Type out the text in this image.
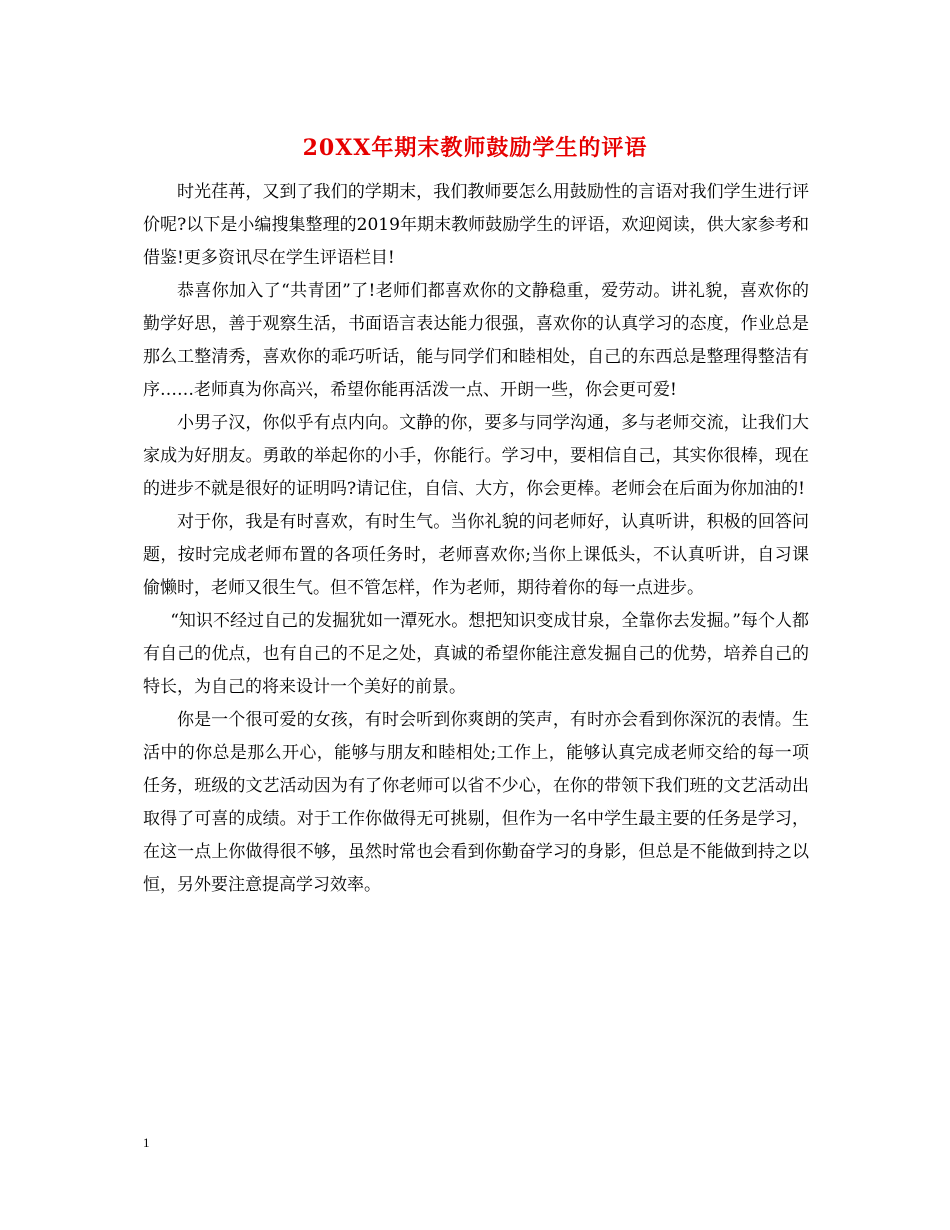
20XX年期末教师鼓励学生的评语

时光荏苒，又到了我们的学期末，我们教师要怎么用鼓励性的言语对我们学生进行评价呢?以下是小编搜集整理的2019年期末教师鼓励学生的评语，欢迎阅读，供大家参考和借鉴!更多资讯尽在学生评语栏目!

恭喜你加入了“共青团”了!老师们都喜欢你的文静稳重，爱劳动。讲礼貌，喜欢你的勤学好思，善于观察生活，书面语言表达能力很强，喜欢你的认真学习的态度，作业总是那么工整清秀，喜欢你的乖巧听话，能与同学们和睦相处，自己的东西总是整理得整洁有序……老师真为你高兴，希望你能再活泼一点、开朗一些，你会更可爱!

小男子汉，你似乎有点内向。文静的你，要多与同学沟通，多与老师交流，让我们大家成为好朋友。勇敢的举起你的小手，你能行。学习中，要相信自己，其实你很棒，现在的进步不就是很好的证明吗?请记住，自信、大方，你会更棒。老师会在后面为你加油的!

对于你，我是有时喜欢，有时生气。当你礼貌的问老师好，认真听讲，积极的回答问题，按时完成老师布置的各项任务时，老师喜欢你;当你上课低头，不认真听讲，自习课偷懒时，老师又很生气。但不管怎样，作为老师，期待着你的每一点进步。

“知识不经过自己的发掘犹如一潭死水。想把知识变成甘泉，全靠你去发掘。”每个人都有自己的优点，也有自己的不足之处，真诚的希望你能注意发掘自己的优势，培养自己的特长，为自己的将来设计一个美好的前景。

你是一个很可爱的女孩，有时会听到你爽朗的笑声，有时亦会看到你深沉的表情。生活中的你总是那么开心，能够与朋友和睦相处;工作上，能够认真完成老师交给的每一项任务，班级的文艺活动因为有了你老师可以省不少心，在你的带领下我们班的文艺活动出取得了可喜的成绩。对于工作你做得无可挑剔，但作为一名中学生最主要的任务是学习，在这一点上你做得很不够，虽然时常也会看到你勤奋学习的身影，但总是不能做到持之以恒，另外要注意提高学习效率。

1
